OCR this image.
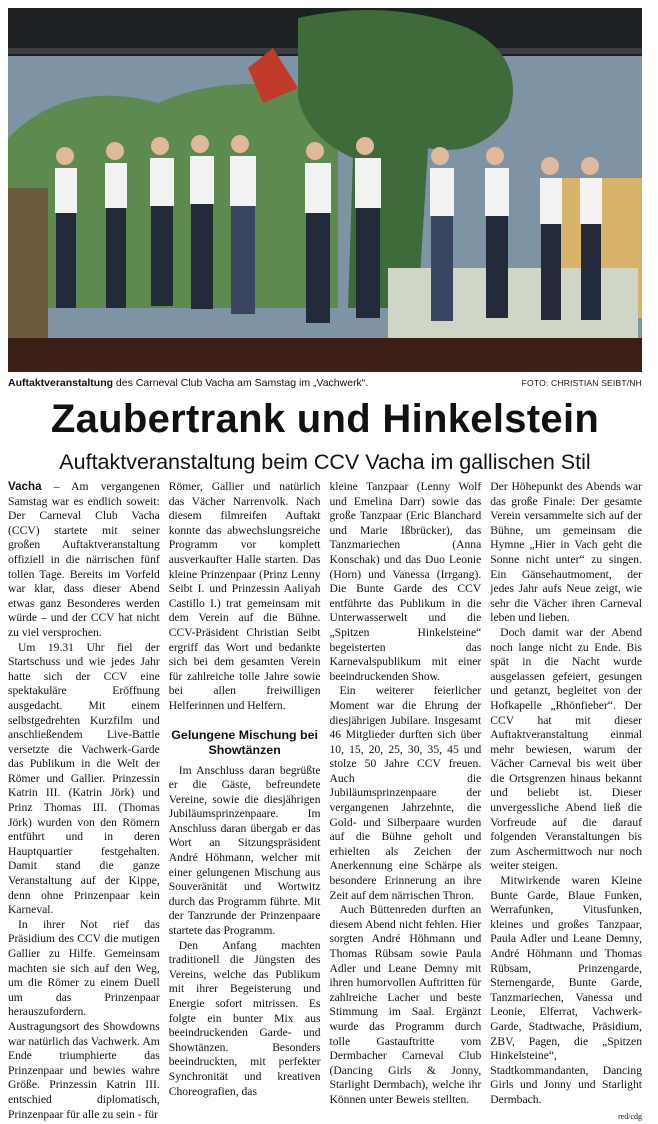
Auftaktveranstaltung des Carneval Club Vacha am Samstag im „Vachwerk“.	FOTO: CHRISTIAN SEIBT/NH
Zaubertrank und Hinkelstein
Auftaktveranstaltung beim CCV Vacha im gallischen Stil

Vacha – Am vergangenen Samstag war es endlich soweit: Der Carneval Club Vacha (CCV) startete mit seiner großen Auftaktveranstaltung offiziell in die närrischen fünf tollen Tage. Bereits im Vorfeld war klar, dass dieser Abend etwas ganz Besonderes werden würde – und der CCV hat nicht zu viel versprochen.

Um 19.31 Uhr fiel der Startschuss und wie jedes Jahr hatte sich der CCV eine spektakuläre Eröffnung ausgedacht. Mit einem selbstgedrehten Kurzfilm und anschließendem Live-Battle versetzte die Vachwerk-Garde das Publikum in die Welt der Römer und Gallier. Prinzessin Katrin III. (Katrin Jörk) und Prinz Thomas III. (Thomas Jörk) wurden von den Römern entführt und in deren Hauptquartier festgehalten. Damit stand die ganze Veranstaltung auf der Kippe, denn ohne Prinzenpaar kein Karneval.

In ihrer Not rief das Präsidium des CCV die mutigen Gallier zu Hilfe. Gemeinsam machten sie sich auf den Weg, um die Römer zu einem Duell um das Prinzenpaar herauszufordern. Austragungsort des Showdowns war natürlich das Vachwerk. Am Ende triumphierte das Prinzenpaar und bewies wahre Größe. Prinzessin Katrin III. entschied diplomatisch, Prinzenpaar für alle zu sein - für

Römer, Gallier und natürlich das Vächer Narrenvolk. Nach diesem filmreifen Auftakt konnte das abwechslungsreiche Programm vor komplett ausverkaufter Halle starten. Das kleine Prinzenpaar (Prinz Lenny Seibt I. und Prinzessin Aaliyah Castillo I.) trat gemeinsam mit dem Verein auf die Bühne. CCV-Präsident Christian Seibt ergriff das Wort und bedankte sich bei dem gesamten Verein für zahlreiche tolle Jahre sowie bei allen freiwilligen Helferinnen und Helfern.

Gelungene Mischung bei Showtänzen

Im Anschluss daran begrüßte er die Gäste, befreundete Vereine, sowie die diesjährigen Jubiläumsprinzenpaare. Im Anschluss daran übergab er das Wort an Sitzungspräsident André Höhmann, welcher mit einer gelungenen Mischung aus Souveränität und Wortwitz durch das Programm führte. Mit der Tanzrunde der Prinzenpaare startete das Programm.

Den Anfang machten traditionell die Jüngsten des Vereins, welche das Publikum mit ihrer Begeisterung und Energie sofort mitrissen. Es folgte ein bunter Mix aus beeindruckenden Garde- und Showtänzen. Besonders beeindruckten, mit perfekter Synchronität und kreativen Choreografien, das

kleine Tanzpaar (Lenny Wolf und Emelina Darr) sowie das große Tanzpaar (Eric Blanchard und Marie Ißbrücker), das Tanzmariechen (Anna Konschak) und das Duo Leonie (Horn) und Vanessa (Irrgang). Die Bunte Garde des CCV entführte das Publikum in die Unterwasserwelt und die „Spitzen Hinkelsteine“ begeisterten das Karnevalspublikum mit einer beeindruckenden Show.

Ein weiterer feierlicher Moment war die Ehrung der diesjährigen Jubilare. Insgesamt 46 Mitglieder durften sich über 10, 15, 20, 25, 30, 35, 45 und stolze 50 Jahre CCV freuen. Auch die Jubiläumsprinzenpaare der vergangenen Jahrzehnte, die Gold- und Silberpaare wurden auf die Bühne geholt und erhielten als Zeichen der Anerkennung eine Schärpe als besondere Erinnerung an ihre Zeit auf dem närrischen Thron.

Auch Büttenreden durften an diesem Abend nicht fehlen. Hier sorgten André Höhmann und Thomas Rübsam sowie Paula Adler und Leane Demny mit ihren humorvollen Auftritten für zahlreiche Lacher und beste Stimmung im Saal. Ergänzt wurde das Programm durch tolle Gastauftritte vom Dermbacher Carneval Club (Dancing Girls & Jonny, Starlight Dermbach), welche ihr Können unter Beweis stellten.

Der Höhepunkt des Abends war das große Finale: Der gesamte Verein versammelte sich auf der Bühne, um gemeinsam die Hymne „Hier in Vach geht die Sonne nicht unter“ zu singen. Ein Gänsehautmoment, der jedes Jahr aufs Neue zeigt, wie sehr die Vächer ihren Carneval leben und lieben.

Doch damit war der Abend noch lange nicht zu Ende. Bis spät in die Nacht wurde ausgelassen gefeiert, gesungen und getanzt, begleitet von der Hofkapelle „Rhönfieber“. Der CCV hat mit dieser Auftaktveranstaltung einmal mehr bewiesen, warum der Vächer Carneval bis weit über die Ortsgrenzen hinaus bekannt und beliebt ist. Dieser unvergessliche Abend ließ die Vorfreude auf die darauf folgenden Veranstaltungen bis zum Aschermittwoch nur noch weiter steigen.

Mitwirkende waren Kleine Bunte Garde, Blaue Funken, Werrafunken, Vitusfunken, kleines und großes Tanzpaar, Paula Adler und Leane Demny, André Höhmann und Thomas Rübsam, Prinzengarde, Sternengarde, Bunte Garde, Tanzmariechen, Vanessa und Leonie, Elferrat, Vachwerk-Garde, Stadtwache, Präsidium, ZBV, Pagen, die „Spitzen Hinkelsteine“, Stadtkommandanten, Dancing Girls und Jonny und Starlight Dermbach.

red/cdg
